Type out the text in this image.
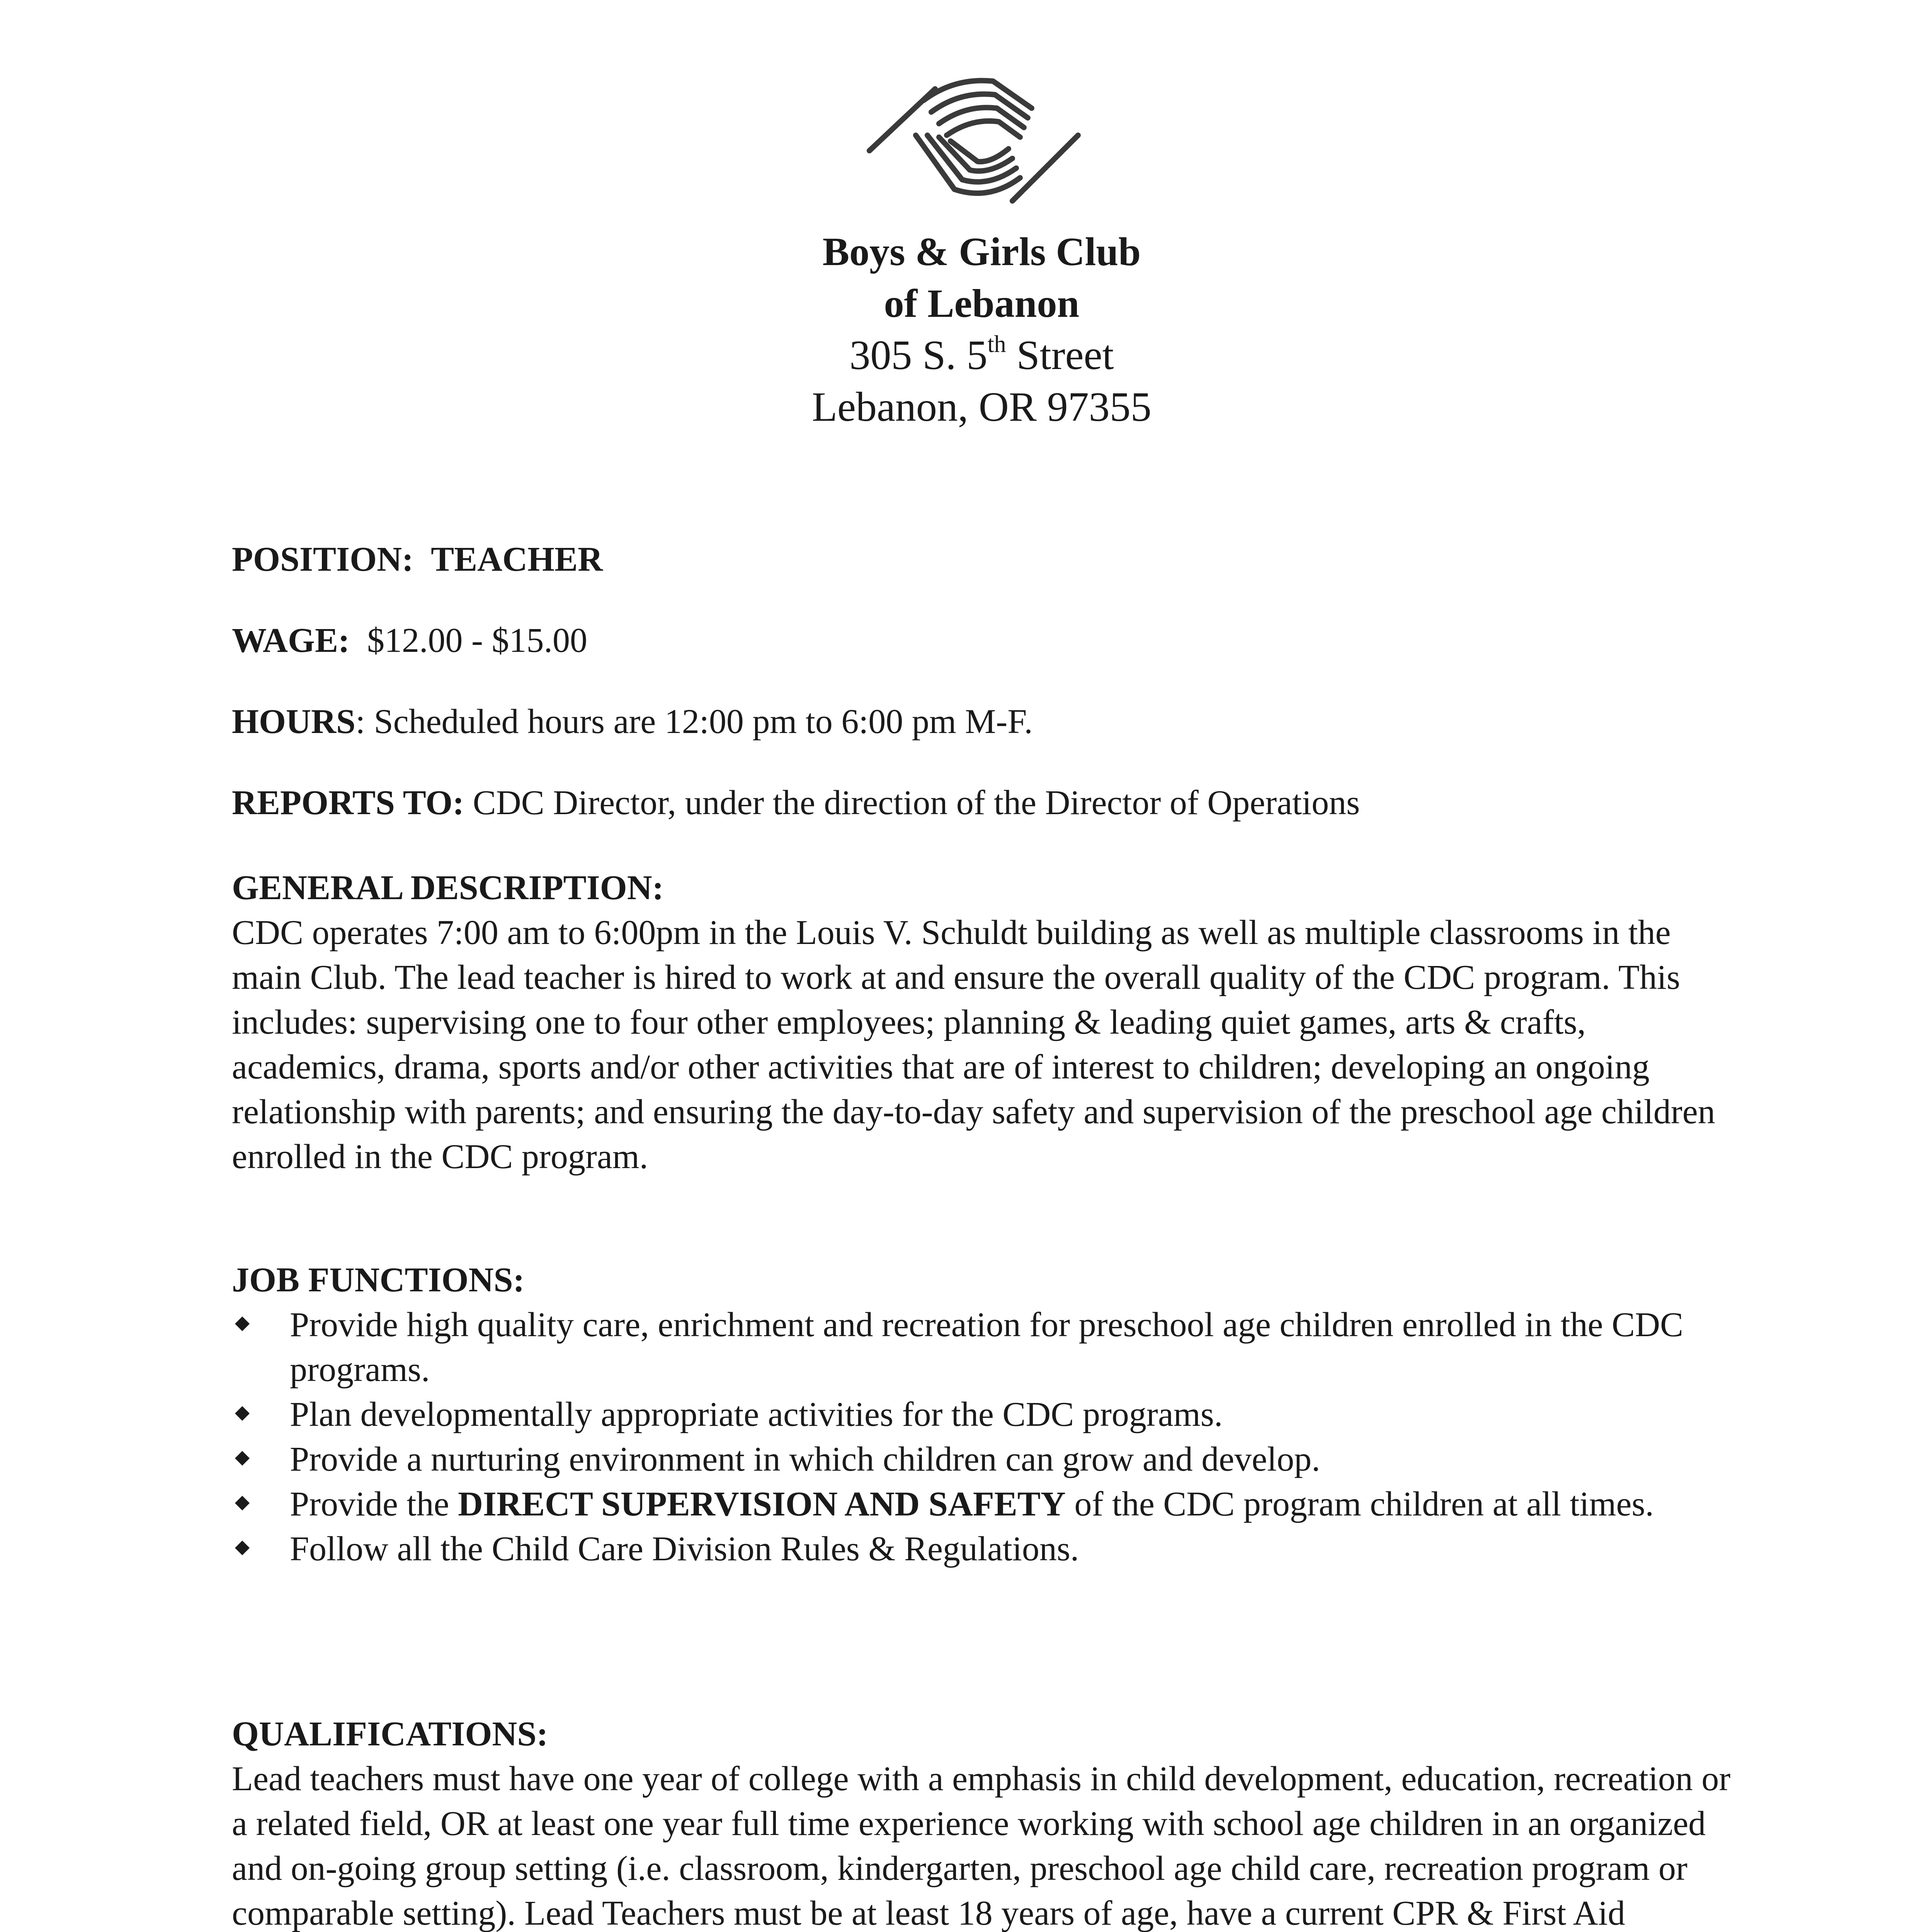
Boys & Girls Club
of Lebanon
305 S. 5th Street
Lebanon, OR 97355
POSITION: TEACHER
WAGE: $12.00 - $15.00
HOURS: Scheduled hours are 12:00 pm to 6:00 pm M-F.
REPORTS TO: CDC Director, under the direction of the Director of Operations
GENERAL DESCRIPTION:
CDC operates 7:00 am to 6:00pm in the Louis V. Schuldt building as well as multiple classrooms in the main Club. The lead teacher is hired to work at and ensure the overall quality of the CDC program. This includes: supervising one to four other employees; planning & leading quiet games, arts & crafts, academics, drama, sports and/or other activities that are of interest to children; developing an ongoing relationship with parents; and ensuring the day-to-day safety and supervision of the preschool age children enrolled in the CDC program.
JOB FUNCTIONS:
Provide high quality care, enrichment and recreation for preschool age children enrolled in the CDC programs.
Plan developmentally appropriate activities for the CDC programs.
Provide a nurturing environment in which children can grow and develop.
Provide the DIRECT SUPERVISION AND SAFETY of the CDC program children at all times.
Follow all the Child Care Division Rules & Regulations.
QUALIFICATIONS:
Lead teachers must have one year of college with a emphasis in child development, education, recreation or a related field, OR at least one year full time experience working with school age children in an organized and on-going group setting (i.e. classroom, kindergarten, preschool age child care, recreation program or comparable setting). Lead Teachers must be at least 18 years of age, have a current CPR & First Aid
